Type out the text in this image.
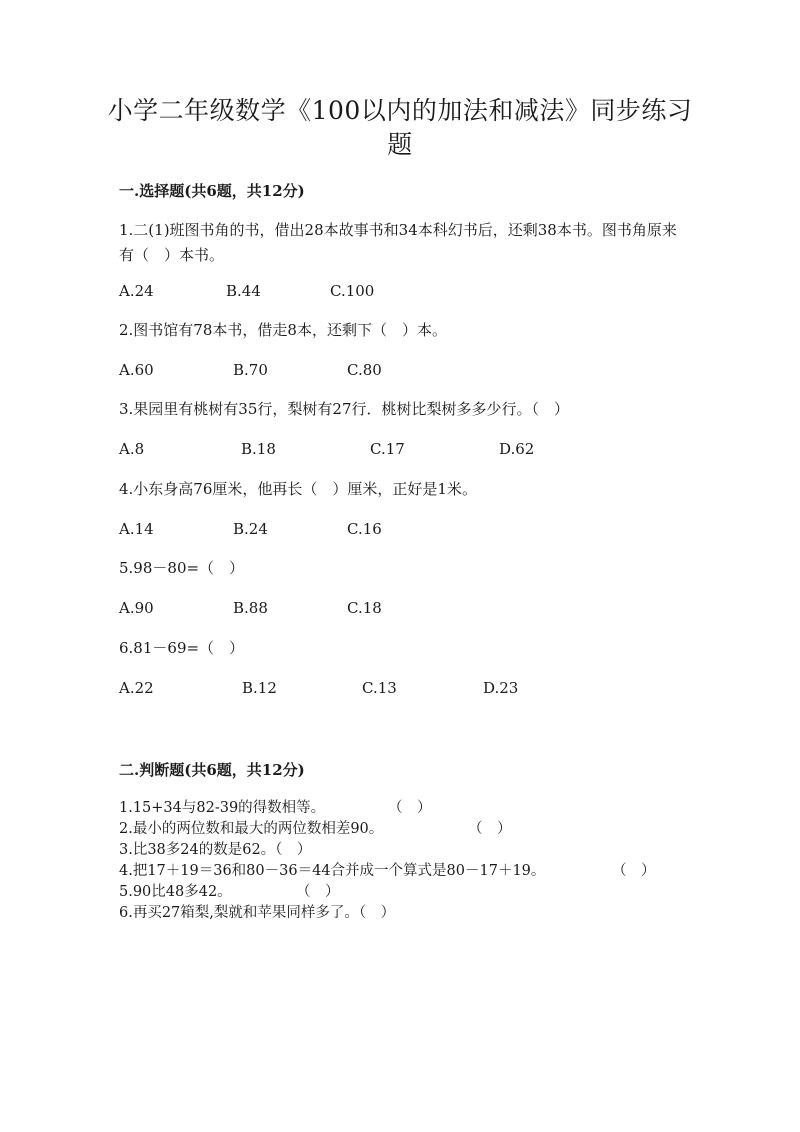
小学二年级数学《100以内的加法和减法》同步练习题
一.选择题(共6题，共12分)
1.二(1)班图书角的书，借出28本故事书和34本科幻书后，还剩38本书。图书角原来有（　）本书。
A.24	B.44	C.100
2.图书馆有78本书，借走8本，还剩下（　）本。
A.60	B.70	C.80
3.果园里有桃树有35行，梨树有27行．桃树比梨树多多少行。（　）
A.8	B.18	C.17	D.62
4.小东身高76厘米，他再长（　）厘米，正好是1米。
A.14	B.24	C.16
5.98－80=（　）
A.90	B.88	C.18
6.81－69=（　）
A.22	B.12	C.13	D.23
二.判断题(共6题，共12分)
1.15+34与82-39的得数相等。	（　）
2.最小的两位数和最大的两位数相差90。	（　）
3.比38多24的数是62。（　）
4.把17＋19＝36和80－36＝44合并成一个算式是80－17＋19。	（　）
5.90比48多42。	（　）
6.再买27箱梨,梨就和苹果同样多了。（　）
